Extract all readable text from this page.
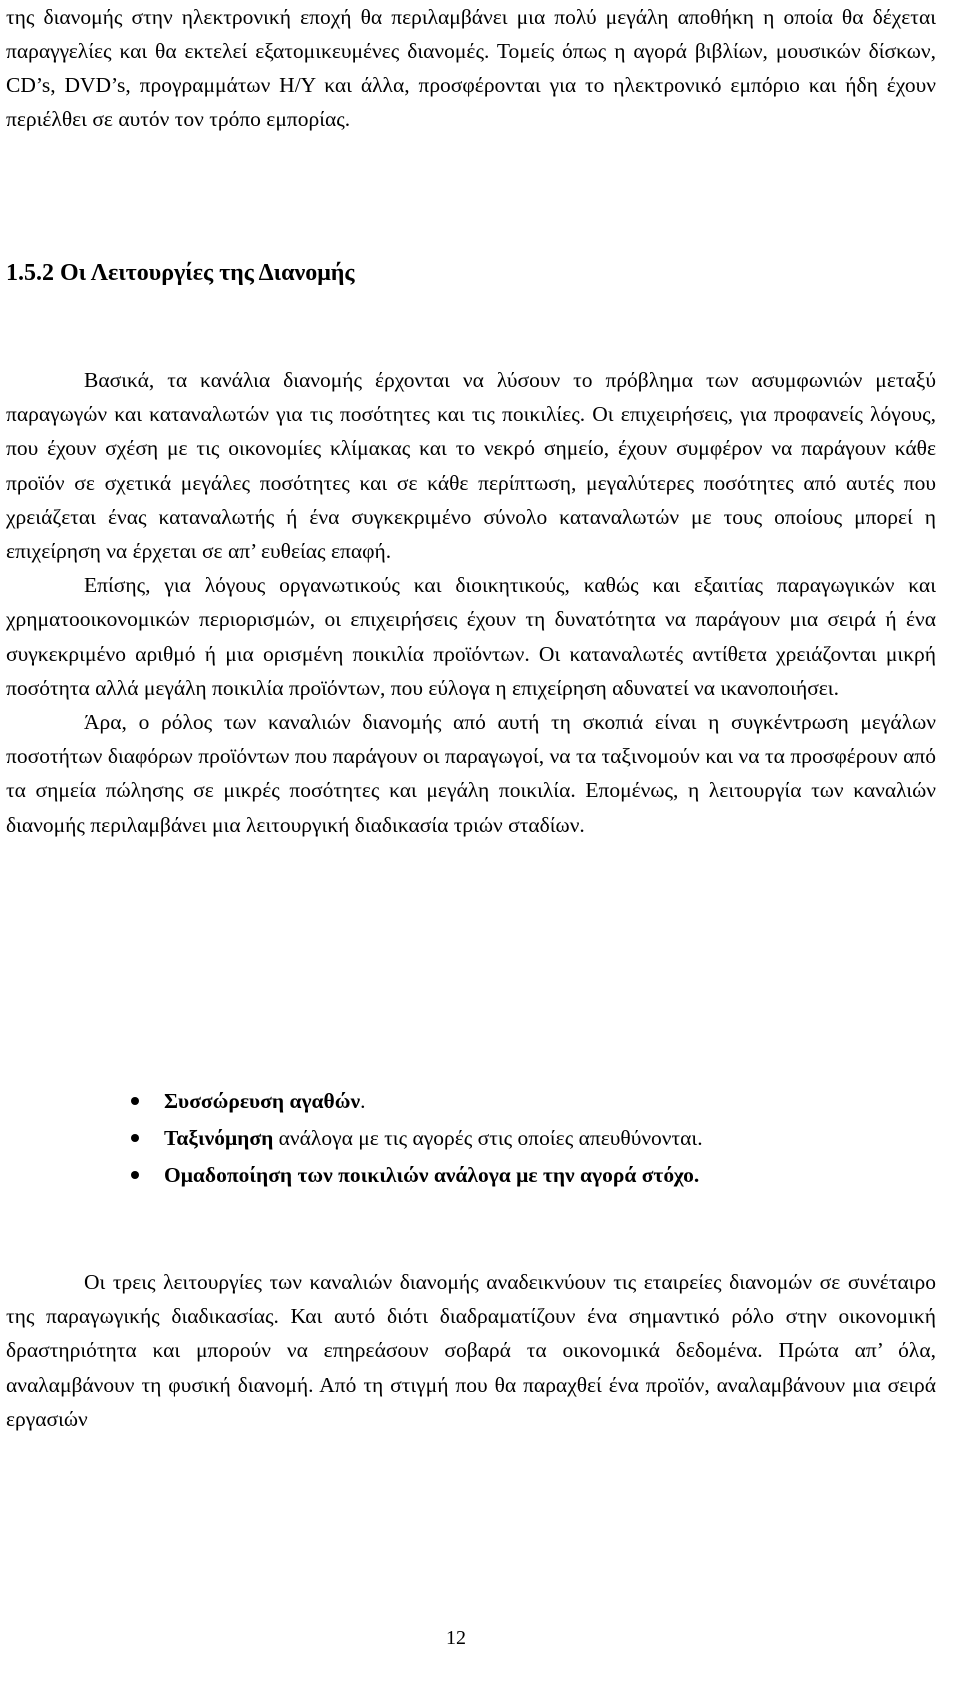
της διανομής στην ηλεκτρονική εποχή θα περιλαμβάνει μια πολύ μεγάλη αποθήκη η οποία θα δέχεται παραγγελίες και θα εκτελεί εξατομικευμένες διανομές. Τομείς όπως η αγορά βιβλίων, μουσικών δίσκων, CD’s, DVD’s, προγραμμάτων Η/Υ και άλλα, προσφέρονται για το ηλεκτρονικό εμπόριο και ήδη έχουν περιέλθει σε αυτόν τον τρόπο εμπορίας.
1.5.2 Οι Λειτουργίες της Διανομής

Βασικά, τα κανάλια διανομής έρχονται να λύσουν το πρόβλημα των ασυμφωνιών μεταξύ παραγωγών και καταναλωτών για τις ποσότητες και τις ποικιλίες. Οι επιχειρήσεις, για προφανείς λόγους, που έχουν σχέση με τις οικονομίες κλίμακας και το νεκρό σημείο, έχουν συμφέρον να παράγουν κάθε προϊόν σε σχετικά μεγάλες ποσότητες και σε κάθε περίπτωση, μεγαλύτερες ποσότητες από αυτές που χρειάζεται ένας καταναλωτής ή ένα συγκεκριμένο σύνολο καταναλωτών με τους οποίους μπορεί η επιχείρηση να έρχεται σε απ’ ευθείας επαφή.

Επίσης, για λόγους οργανωτικούς και διοικητικούς, καθώς και εξαιτίας παραγωγικών και χρηματοοικονομικών περιορισμών, οι επιχειρήσεις έχουν τη δυνατότητα να παράγουν μια σειρά ή ένα συγκεκριμένο αριθμό ή μια ορισμένη ποικιλία προϊόντων. Οι καταναλωτές αντίθετα χρειάζονται μικρή ποσότητα αλλά μεγάλη ποικιλία προϊόντων, που εύλογα η επιχείρηση αδυνατεί να ικανοποιήσει.

Άρα, ο ρόλος των καναλιών διανομής από αυτή τη σκοπιά είναι η συγκέντρωση μεγάλων ποσοτήτων διαφόρων προϊόντων που παράγουν οι παραγωγοί, να τα ταξινομούν και να τα προσφέρουν από τα σημεία πώλησης σε μικρές ποσότητες και μεγάλη ποικιλία. Επομένως, η λειτουργία των καναλιών διανομής περιλαμβάνει μια λειτουργική διαδικασία τριών σταδίων.

Συσσώρευση αγαθών.
Ταξινόμηση ανάλογα με τις αγορές στις οποίες απευθύνονται.
Ομαδοποίηση των ποικιλιών ανάλογα με την αγορά στόχο.

Οι τρεις λειτουργίες των καναλιών διανομής αναδεικνύουν τις εταιρείες διανομών σε συνέταιρο της παραγωγικής διαδικασίας. Και αυτό διότι διαδραματίζουν ένα σημαντικό ρόλο στην οικονομική δραστηριότητα και μπορούν να επηρεάσουν σοβαρά τα οικονομικά δεδομένα. Πρώτα απ’ όλα, αναλαμβάνουν τη φυσική διανομή. Από τη στιγμή που θα παραχθεί ένα προϊόν, αναλαμβάνουν μια σειρά εργασιών

12
